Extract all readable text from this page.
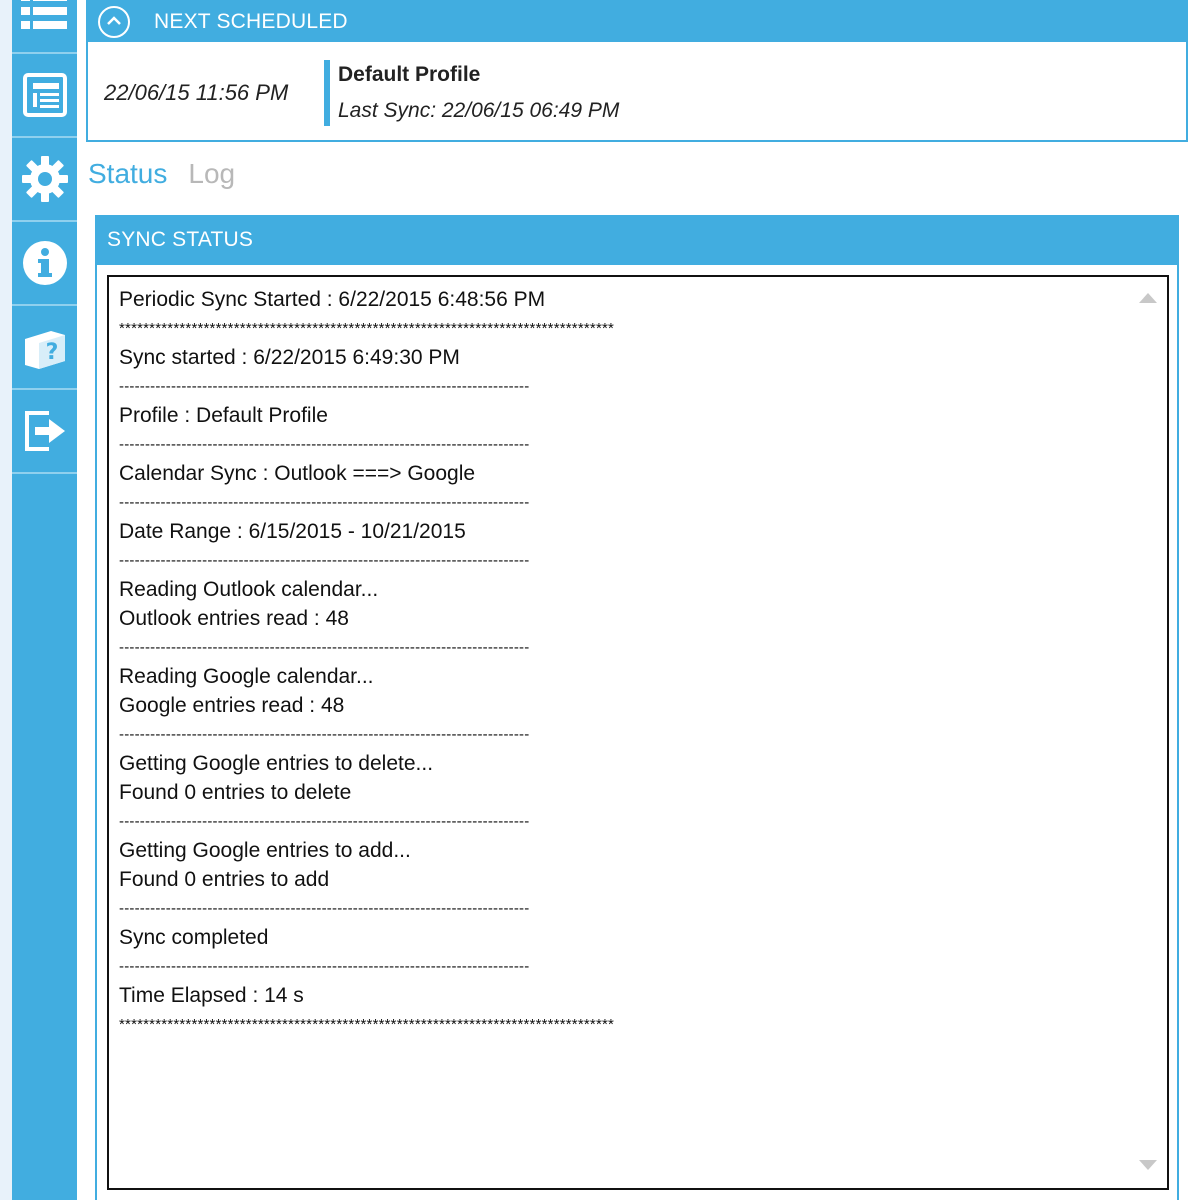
?
NEXT SCHEDULED
22/06/15 11:56 PM
Default Profile
Last Sync: 22/06/15 06:49 PM
Status Log
SYNC STATUS
Periodic Sync Started : 6/22/2015 6:48:56 PM
**********************************************************************************
Sync started : 6/22/2015 6:49:30 PM
-------------------------------------------------------------------------------
Profile : Default Profile
-------------------------------------------------------------------------------
Calendar Sync : Outlook ===> Google
-------------------------------------------------------------------------------
Date Range : 6/15/2015 - 10/21/2015
-------------------------------------------------------------------------------
Reading Outlook calendar...
Outlook entries read : 48
-------------------------------------------------------------------------------
Reading Google calendar...
Google entries read : 48
-------------------------------------------------------------------------------
Getting Google entries to delete...
Found 0 entries to delete
-------------------------------------------------------------------------------
Getting Google entries to add...
Found 0 entries to add
-------------------------------------------------------------------------------
Sync completed
-------------------------------------------------------------------------------
Time Elapsed : 14 s
**********************************************************************************
